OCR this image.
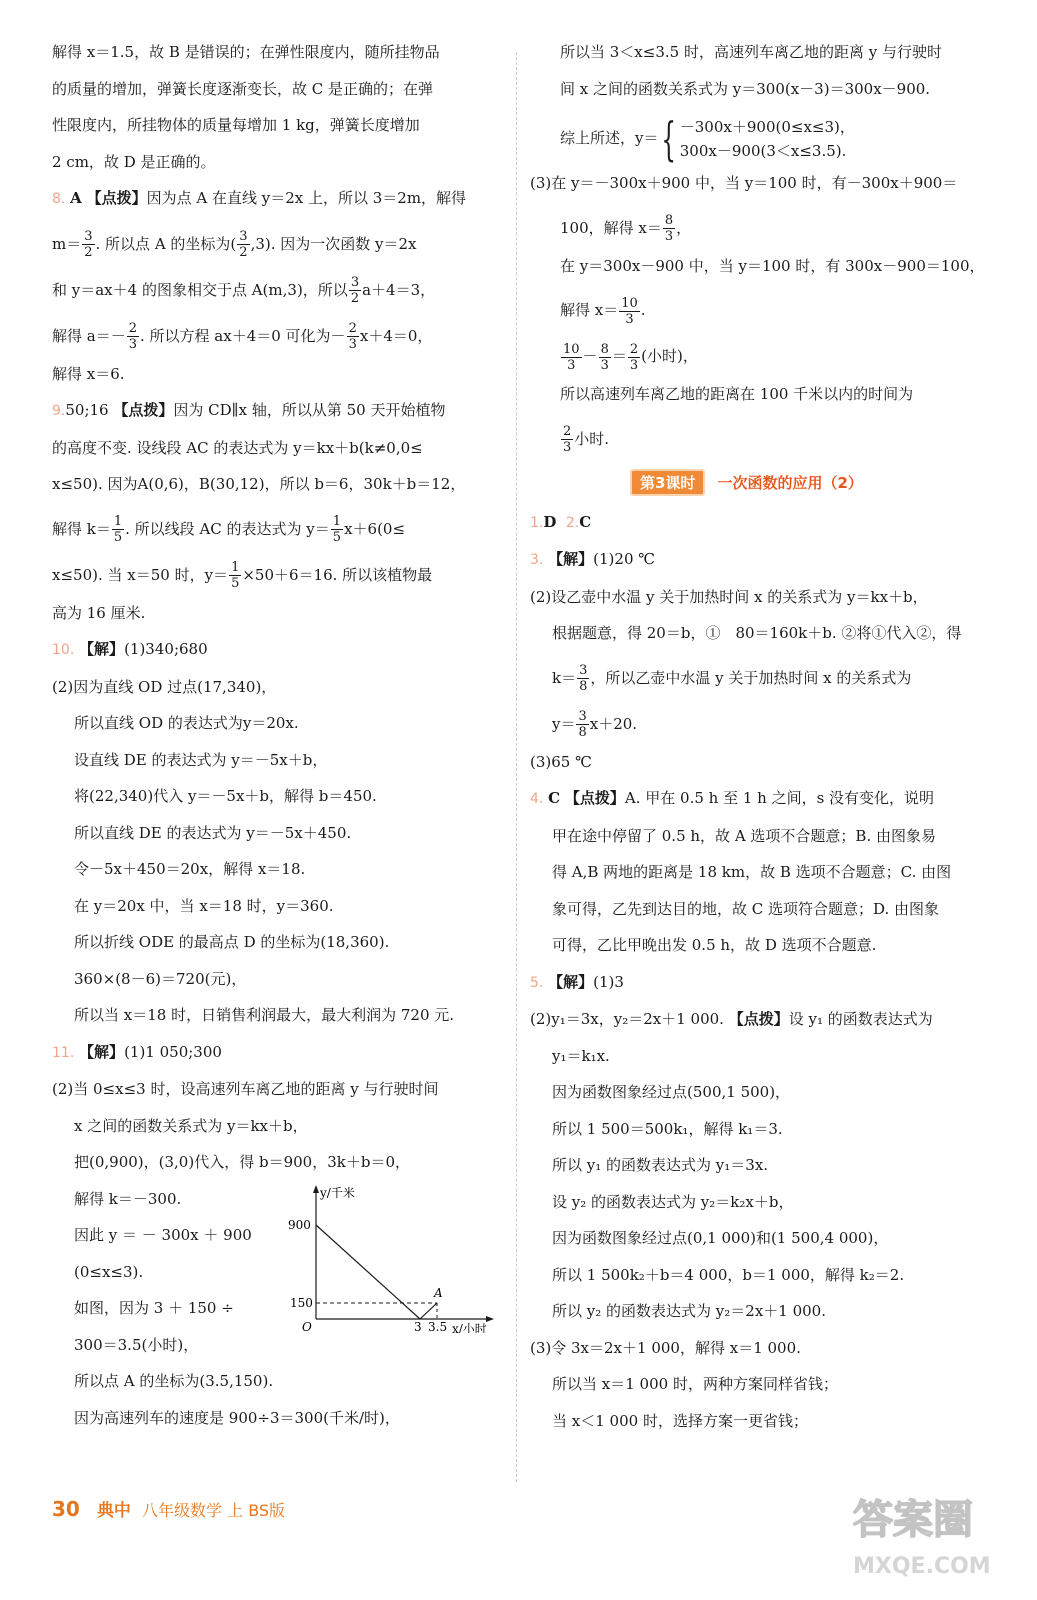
解得 x＝1.5，故 B 是错误的；在弹性限度内，随所挂物品
的质量的增加，弹簧长度逐渐变长，故 C 是正确的；在弹
性限度内，所挂物体的质量每增加 1 kg，弹簧长度增加
2 cm，故 D 是正确的。
8. A 【点拨】因为点 A 在直线 y＝2x 上，所以 3＝2m，解得
$m= \frac{3}{2}$ . 所以点 A 的坐标为( $\frac{3}{2} ,3$). 因为一次函数 y＝2x
和 y＝ax＋4 的图象相交于点 A(m,3)，所以 $\frac{3}{2} a+4=3$，
解得 $a=- \frac{2}{3}$ . 所以方程 ax＋4＝0 可化为－ $\frac{2}{3} x+4=0$，
解得 x＝6.
9.50;16 【点拨】因为 CD∥x 轴，所以从第 50 天开始植物
的高度不变. 设线段 AC 的表达式为 y＝kx＋b(k≠0,0≤
x≤50). 因为A(0,6)，B(30,12)，所以 b＝6，30k＋b＝12，
解得 $k= \frac{1}{5}$ . 所以线段 AC 的表达式为 $y= \frac{1}{5} x+6(0\le$
x≤50). 当 x＝50 时，$y= \frac{1}{5} \times 50+6=16$. 所以该植物最
高为 16 厘米.
10. 【解】(1)340;680
(2)因为直线 OD 过点(17,340)，
所以直线 OD 的表达式为y＝20x.
设直线 DE 的表达式为 y＝－5x＋b，
将(22,340)代入 y＝－5x＋b，解得 b＝450.
所以直线 DE 的表达式为 y＝－5x＋450.
令－5x＋450＝20x，解得 x＝18.
在 y＝20x 中，当 x＝18 时，y＝360.
所以折线 ODE 的最高点 D 的坐标为(18,360).
360×(8－6)＝720(元)，
所以当 x＝18 时，日销售利润最大，最大利润为 720 元.
11. 【解】(1)1 050;300
(2)当 0≤x≤3 时，设高速列车离乙地的距离 y 与行驶时间
x 之间的函数关系式为 y＝kx＋b，
把(0,900)，(3,0)代入，得 b＝900，3k＋b＝0，
y/千米
900
150
O	3 3.5 x/小时
A
解得 k＝－300.
因此 y ＝ － 300x ＋ 900
(0≤x≤3).
如图，因为 3 ＋ 150 ÷
300＝3.5(小时)，
所以点 A 的坐标为(3.5,150).
因为高速列车的速度是 900÷3＝300(千米/时)，
所以当 3＜x≤3.5 时，高速列车离乙地的距离 y 与行驶时
间 x 之间的函数关系式为 y＝300(x－3)＝300x－900.
综上所述，y＝{ －300x＋900(0≤x≤3)，
300x－900(3＜x≤3.5).
(3)在 y＝－300x＋900 中，当 y＝100 时，有－300x＋900＝
100，解得 $x= \frac{8}{3}$ ，
在 y＝300x－900 中，当 y＝100 时，有 300x－900＝100，
解得 $x= \frac{10}{3}$ .
$\frac{10}{3} - \frac{8}{3} = \frac{2}{3}$ (小时)，
所以高速列车离乙地的距离在 100 千米以内的时间为
$\frac{2}{3}$ 小时.
第3课时 一次函数的应用（2）
1.D 2.C
3. 【解】(1)20 ℃
(2)设乙壶中水温 y 关于加热时间 x 的关系式为 y＝kx＋b，
根据题意，得 20＝b，①　80＝160k＋b. ②将①代入②，得
$k= \frac{3}{8}$ ，所以乙壶中水温 y 关于加热时间 x 的关系式为
$y= \frac{3}{8} x+20$.
(3)65 ℃
4. C 【点拨】A. 甲在 0.5 h 至 1 h 之间，s 没有变化，说明
甲在途中停留了 0.5 h，故 A 选项不合题意；B. 由图象易
得 A,B 两地的距离是 18 km，故 B 选项不合题意；C. 由图
象可得，乙先到达目的地，故 C 选项符合题意；D. 由图象
可得，乙比甲晚出发 0.5 h，故 D 选项不合题意.
5. 【解】(1)3
(2)y₁＝3x，y₂＝2x＋1 000. 【点拨】设 y₁ 的函数表达式为
y₁＝k₁x.
因为函数图象经过点(500,1 500)，
所以 1 500＝500k₁，解得 k₁＝3.
所以 y₁ 的函数表达式为 y₁＝3x.
设 y₂ 的函数表达式为 y₂＝k₂x＋b，
因为函数图象经过点(0,1 000)和(1 500,4 000)，
所以 1 500k₂＋b＝4 000，b＝1 000，解得 k₂＝2.
所以 y₂ 的函数表达式为 y₂＝2x＋1 000.
(3)令 3x＝2x＋1 000，解得 x＝1 000.
所以当 x＝1 000 时，两种方案同样省钱；
当 x＜1 000 时，选择方案一更省钱；
30 典中 八年级数学 上 BS版	答案圈
MXQE.COM
